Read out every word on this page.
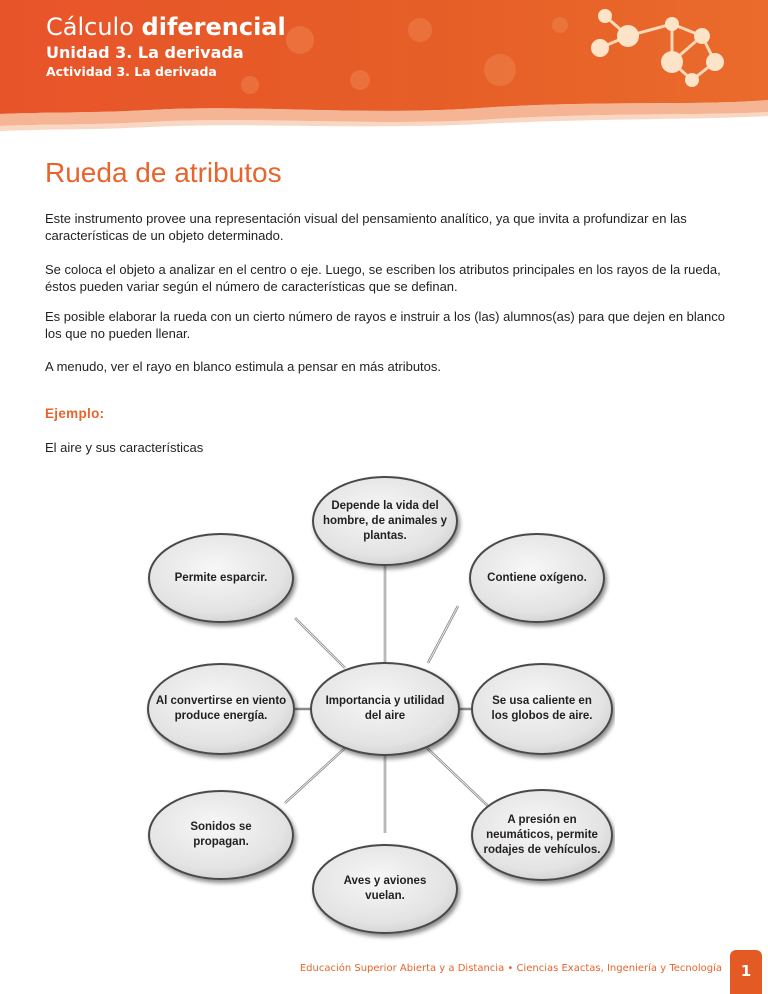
Cálculo diferencial
Unidad 3. La derivada
Actividad 3. La derivada
Rueda de atributos

Este instrumento provee una representación visual del pensamiento analítico, ya que invita a profundizar en las características de un objeto determinado.

Se coloca el objeto a analizar en el centro o eje. Luego, se escriben los atributos principales en los rayos de la rueda, éstos pueden variar según el número de características que se definan.

Es posible elaborar la rueda con un cierto número de rayos e instruir a los (las) alumnos(as) para que dejen en blanco los que no pueden llenar.

A menudo, ver el rayo en blanco estimula a pensar en más atributos.

Ejemplo:

El aire y sus características

Depende la vida del hombre, de animales y plantas.
Contiene oxígeno.
Permite esparcir.
Importancia y utilidad del aire
Al convertirse en viento produce energía.
Se usa caliente en los globos de aire.
Sonidos se propagan.
A presión en neumáticos, permite rodajes de vehículos.
Aves y aviones vuelan.
Educación Superior Abierta y a Distancia • Ciencias Exactas, Ingeniería y Tecnología	1
